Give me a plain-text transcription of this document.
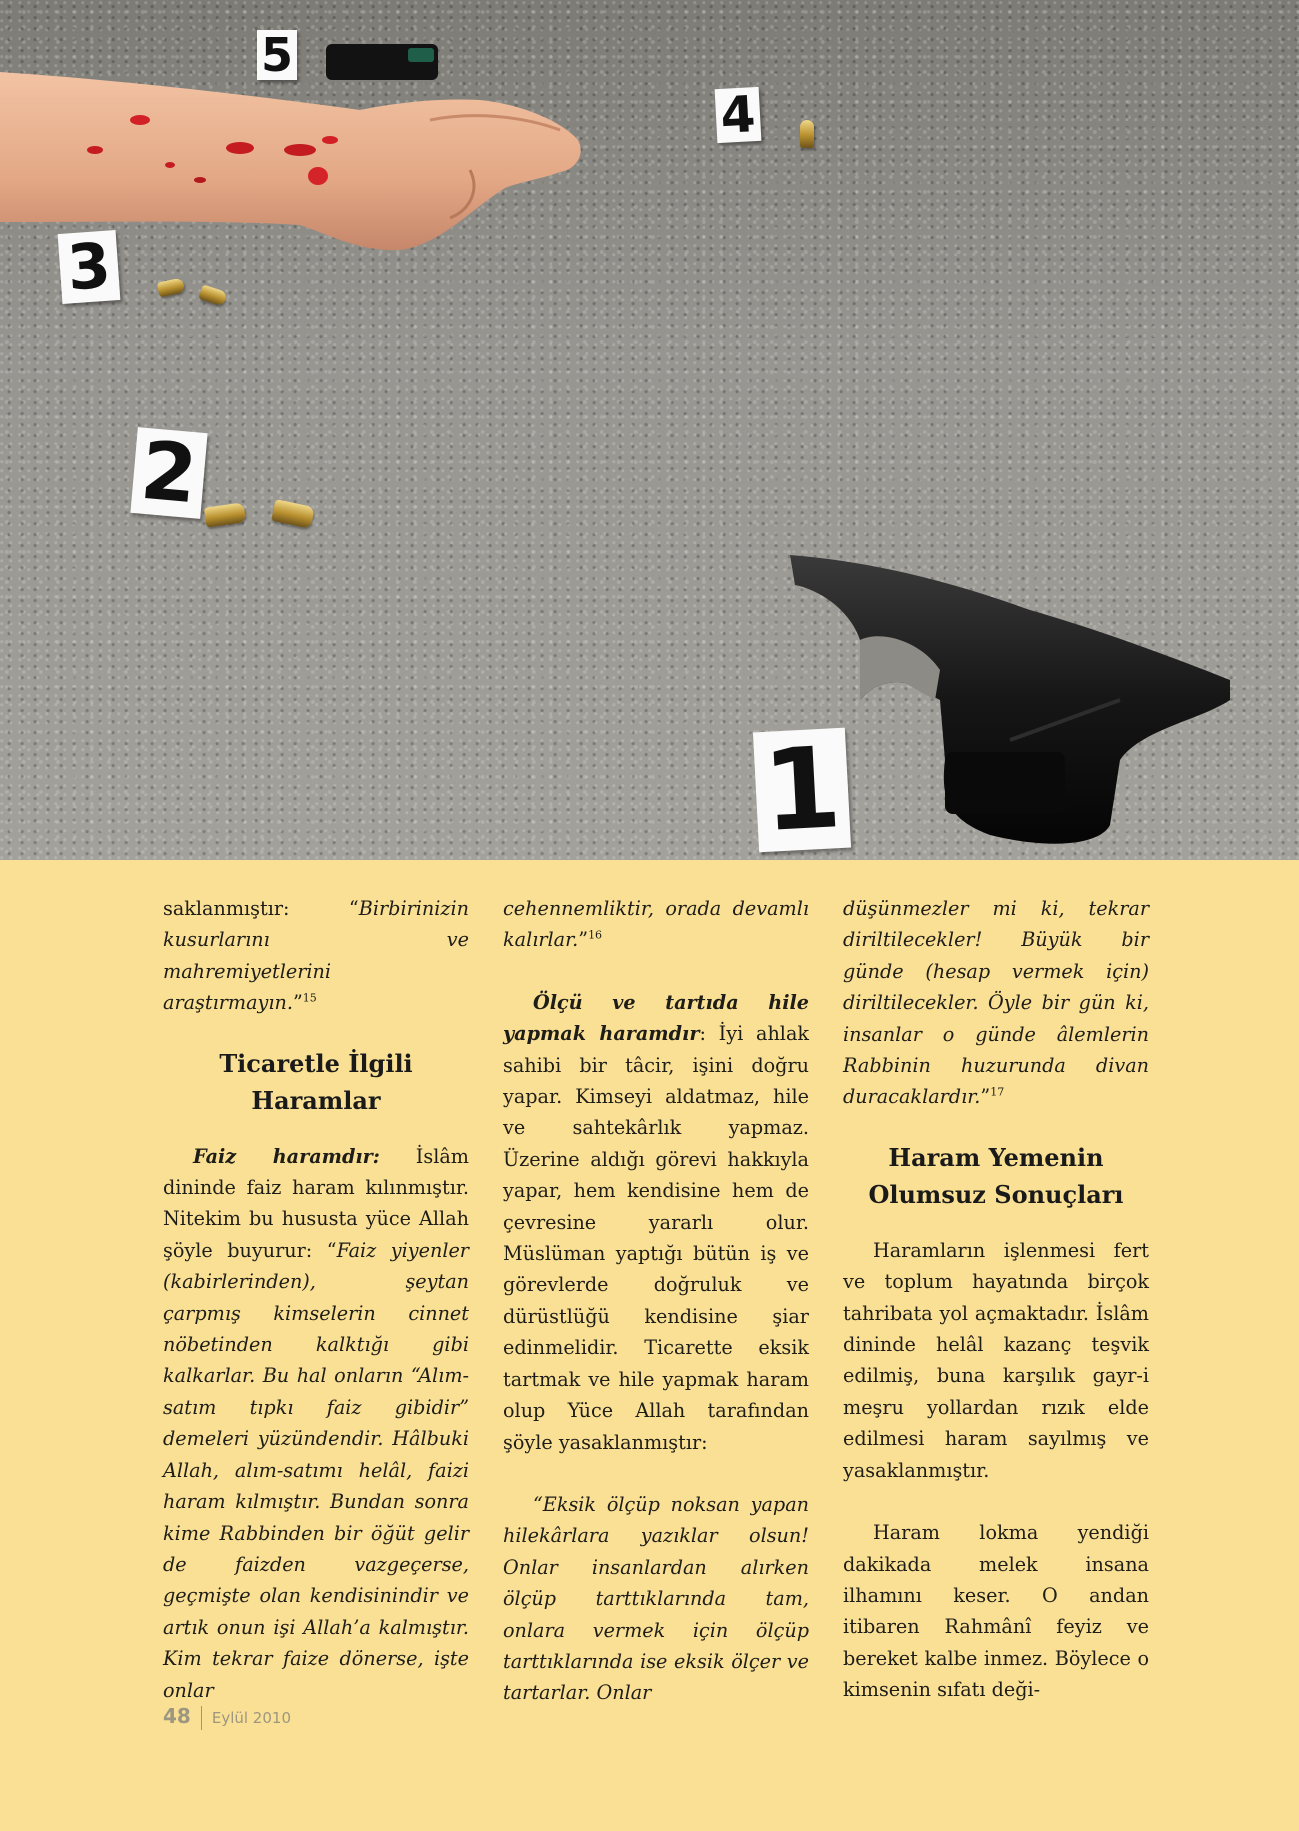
5
4
3
2
1

saklanmıştır: “Birbirinizin kusurlarını ve mahremiyetlerini araştırmayın.”$^{15}$

Ticaretle İlgili Haramlar

Faiz haramdır: İslâm dininde faiz haram kılınmıştır. Nitekim bu hususta yüce Allah şöyle buyurur: “Faiz yiyenler (kabirlerinden), şeytan çarpmış kimselerin cinnet nöbetinden kalktığı gibi kalkarlar. Bu hal onların “Alım-satım tıpkı faiz gibidir” demeleri yüzündendir. Hâlbuki Allah, alım-satımı helâl, faizi haram kılmıştır. Bundan sonra kime Rabbinden bir öğüt gelir de faizden vazgeçerse, geçmişte olan kendisinindir ve artık onun işi Allah’a kalmıştır. Kim tekrar faize dönerse, işte onlar

cehennemliktir, orada devamlı kalırlar.”$^{16}$

Ölçü ve tartıda hile yapmak haramdır: İyi ahlak sahibi bir tâcir, işini doğru yapar. Kimseyi aldatmaz, hile ve sahtekârlık yapmaz. Üzerine aldığı görevi hakkıyla yapar, hem kendisine hem de çevresine yararlı olur. Müslüman yaptığı bütün iş ve görevlerde doğruluk ve dürüstlüğü kendisine şiar edinmelidir. Ticarette eksik tartmak ve hile yapmak haram olup Yüce Allah tarafından şöyle yasaklanmıştır:

“Eksik ölçüp noksan yapan hilekârlara yazıklar olsun! Onlar insanlardan alırken ölçüp tarttıklarında tam, onlara vermek için ölçüp tarttıklarında ise eksik ölçer ve tartarlar. Onlar

düşünmezler mi ki, tekrar diriltilecekler! Büyük bir günde (hesap vermek için) diriltilecekler. Öyle bir gün ki, insanlar o günde âlemlerin Rabbinin huzurunda divan duracaklardır.”$^{17}$

Haram Yemenin Olumsuz Sonuçları

Haramların işlenmesi fert ve toplum hayatında birçok tahribata yol açmaktadır. İslâm dininde helâl kazanç teşvik edilmiş, buna karşılık gayr-i meşru yollardan rızık elde edilmesi haram sayılmış ve yasaklanmıştır.

Haram lokma yendiği dakikada melek insana ilhamını keser. O andan itibaren Rahmânî feyiz ve bereket kalbe inmez. Böylece o kimsenin sıfatı deği-

48 Eylül 2010
